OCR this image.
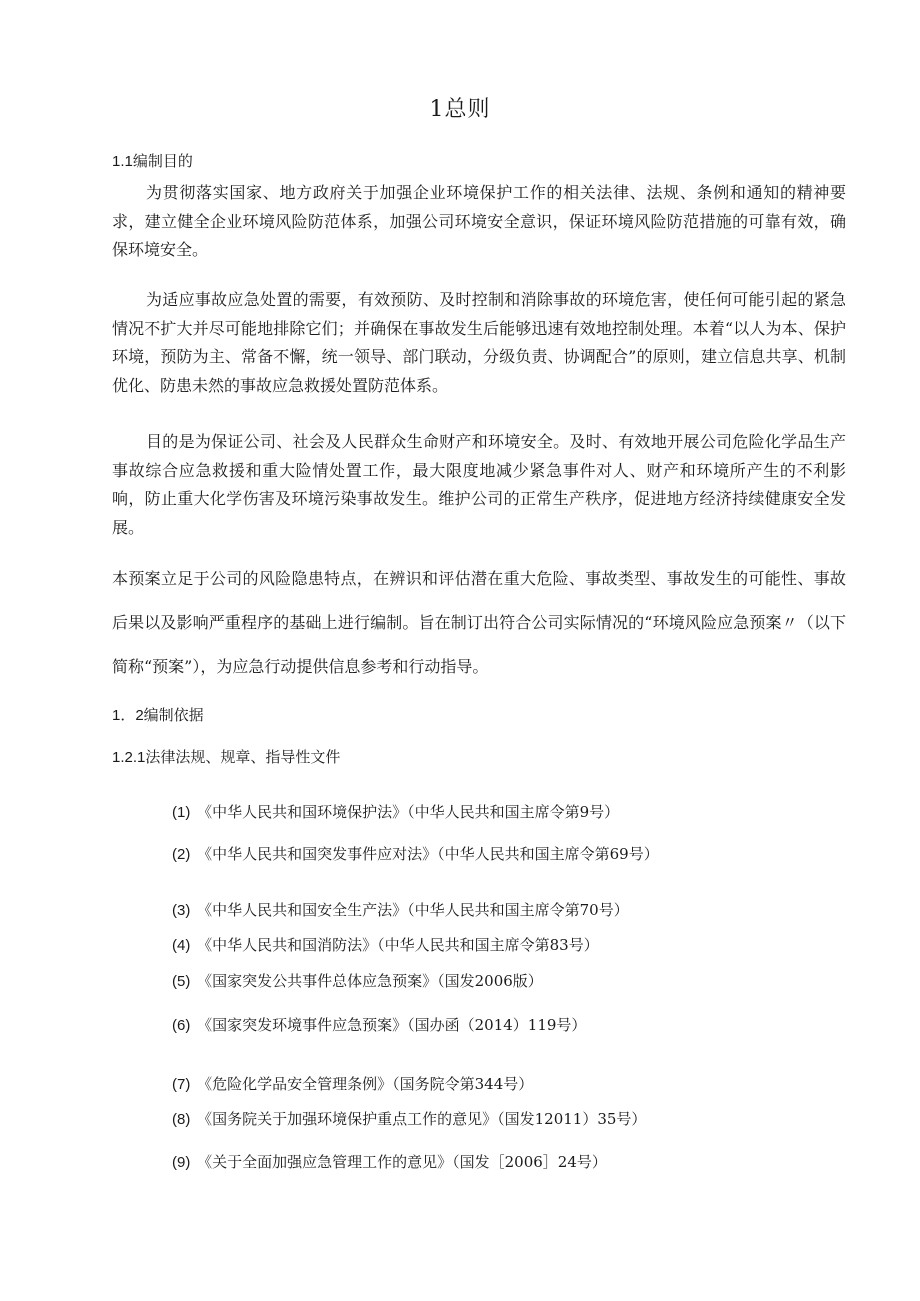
1总则
1.1编制目的
为贯彻落实国家、地方政府关于加强企业环境保护工作的相关法律、法规、条例和通知的精神要求，建立健全企业环境风险防范体系，加强公司环境安全意识，保证环境风险防范措施的可靠有效，确保环境安全。
为适应事故应急处置的需要，有效预防、及时控制和消除事故的环境危害，使任何可能引起的紧急情况不扩大并尽可能地排除它们；并确保在事故发生后能够迅速有效地控制处理。本着“以人为本、保护环境，预防为主、常备不懈，统一领导、部门联动，分级负责、协调配合”的原则，建立信息共享、机制优化、防患未然的事故应急救援处置防范体系。
目的是为保证公司、社会及人民群众生命财产和环境安全。及时、有效地开展公司危险化学品生产事故综合应急救援和重大险情处置工作，最大限度地减少紧急事件对人、财产和环境所产生的不利影响，防止重大化学伤害及环境污染事故发生。维护公司的正常生产秩序，促进地方经济持续健康安全发展。
本预案立足于公司的风险隐患特点，在辨识和评估潜在重大危险、事故类型、事故发生的可能性、事故后果以及影响严重程序的基础上进行编制。旨在制订出符合公司实际情况的“环境风险应急预案〃（以下简称“预案”），为应急行动提供信息参考和行动指导。
1．2编制依据
1.2.1法律法规、规章、指导性文件
(1) 《中华人民共和国环境保护法》（中华人民共和国主席令第9号）
(2) 《中华人民共和国突发事件应对法》（中华人民共和国主席令第69号）
(3) 《中华人民共和国安全生产法》（中华人民共和国主席令第70号）
(4) 《中华人民共和国消防法》（中华人民共和国主席令第83号）
(5) 《国家突发公共事件总体应急预案》（国发2006版）
(6) 《国家突发环境事件应急预案》（国办函（2014）119号）
(7) 《危险化学品安全管理条例》（国务院令第344号）
(8) 《国务院关于加强环境保护重点工作的意见》（国发12011）35号）
(9) 《关于全面加强应急管理工作的意见》（国发［2006］24号）
